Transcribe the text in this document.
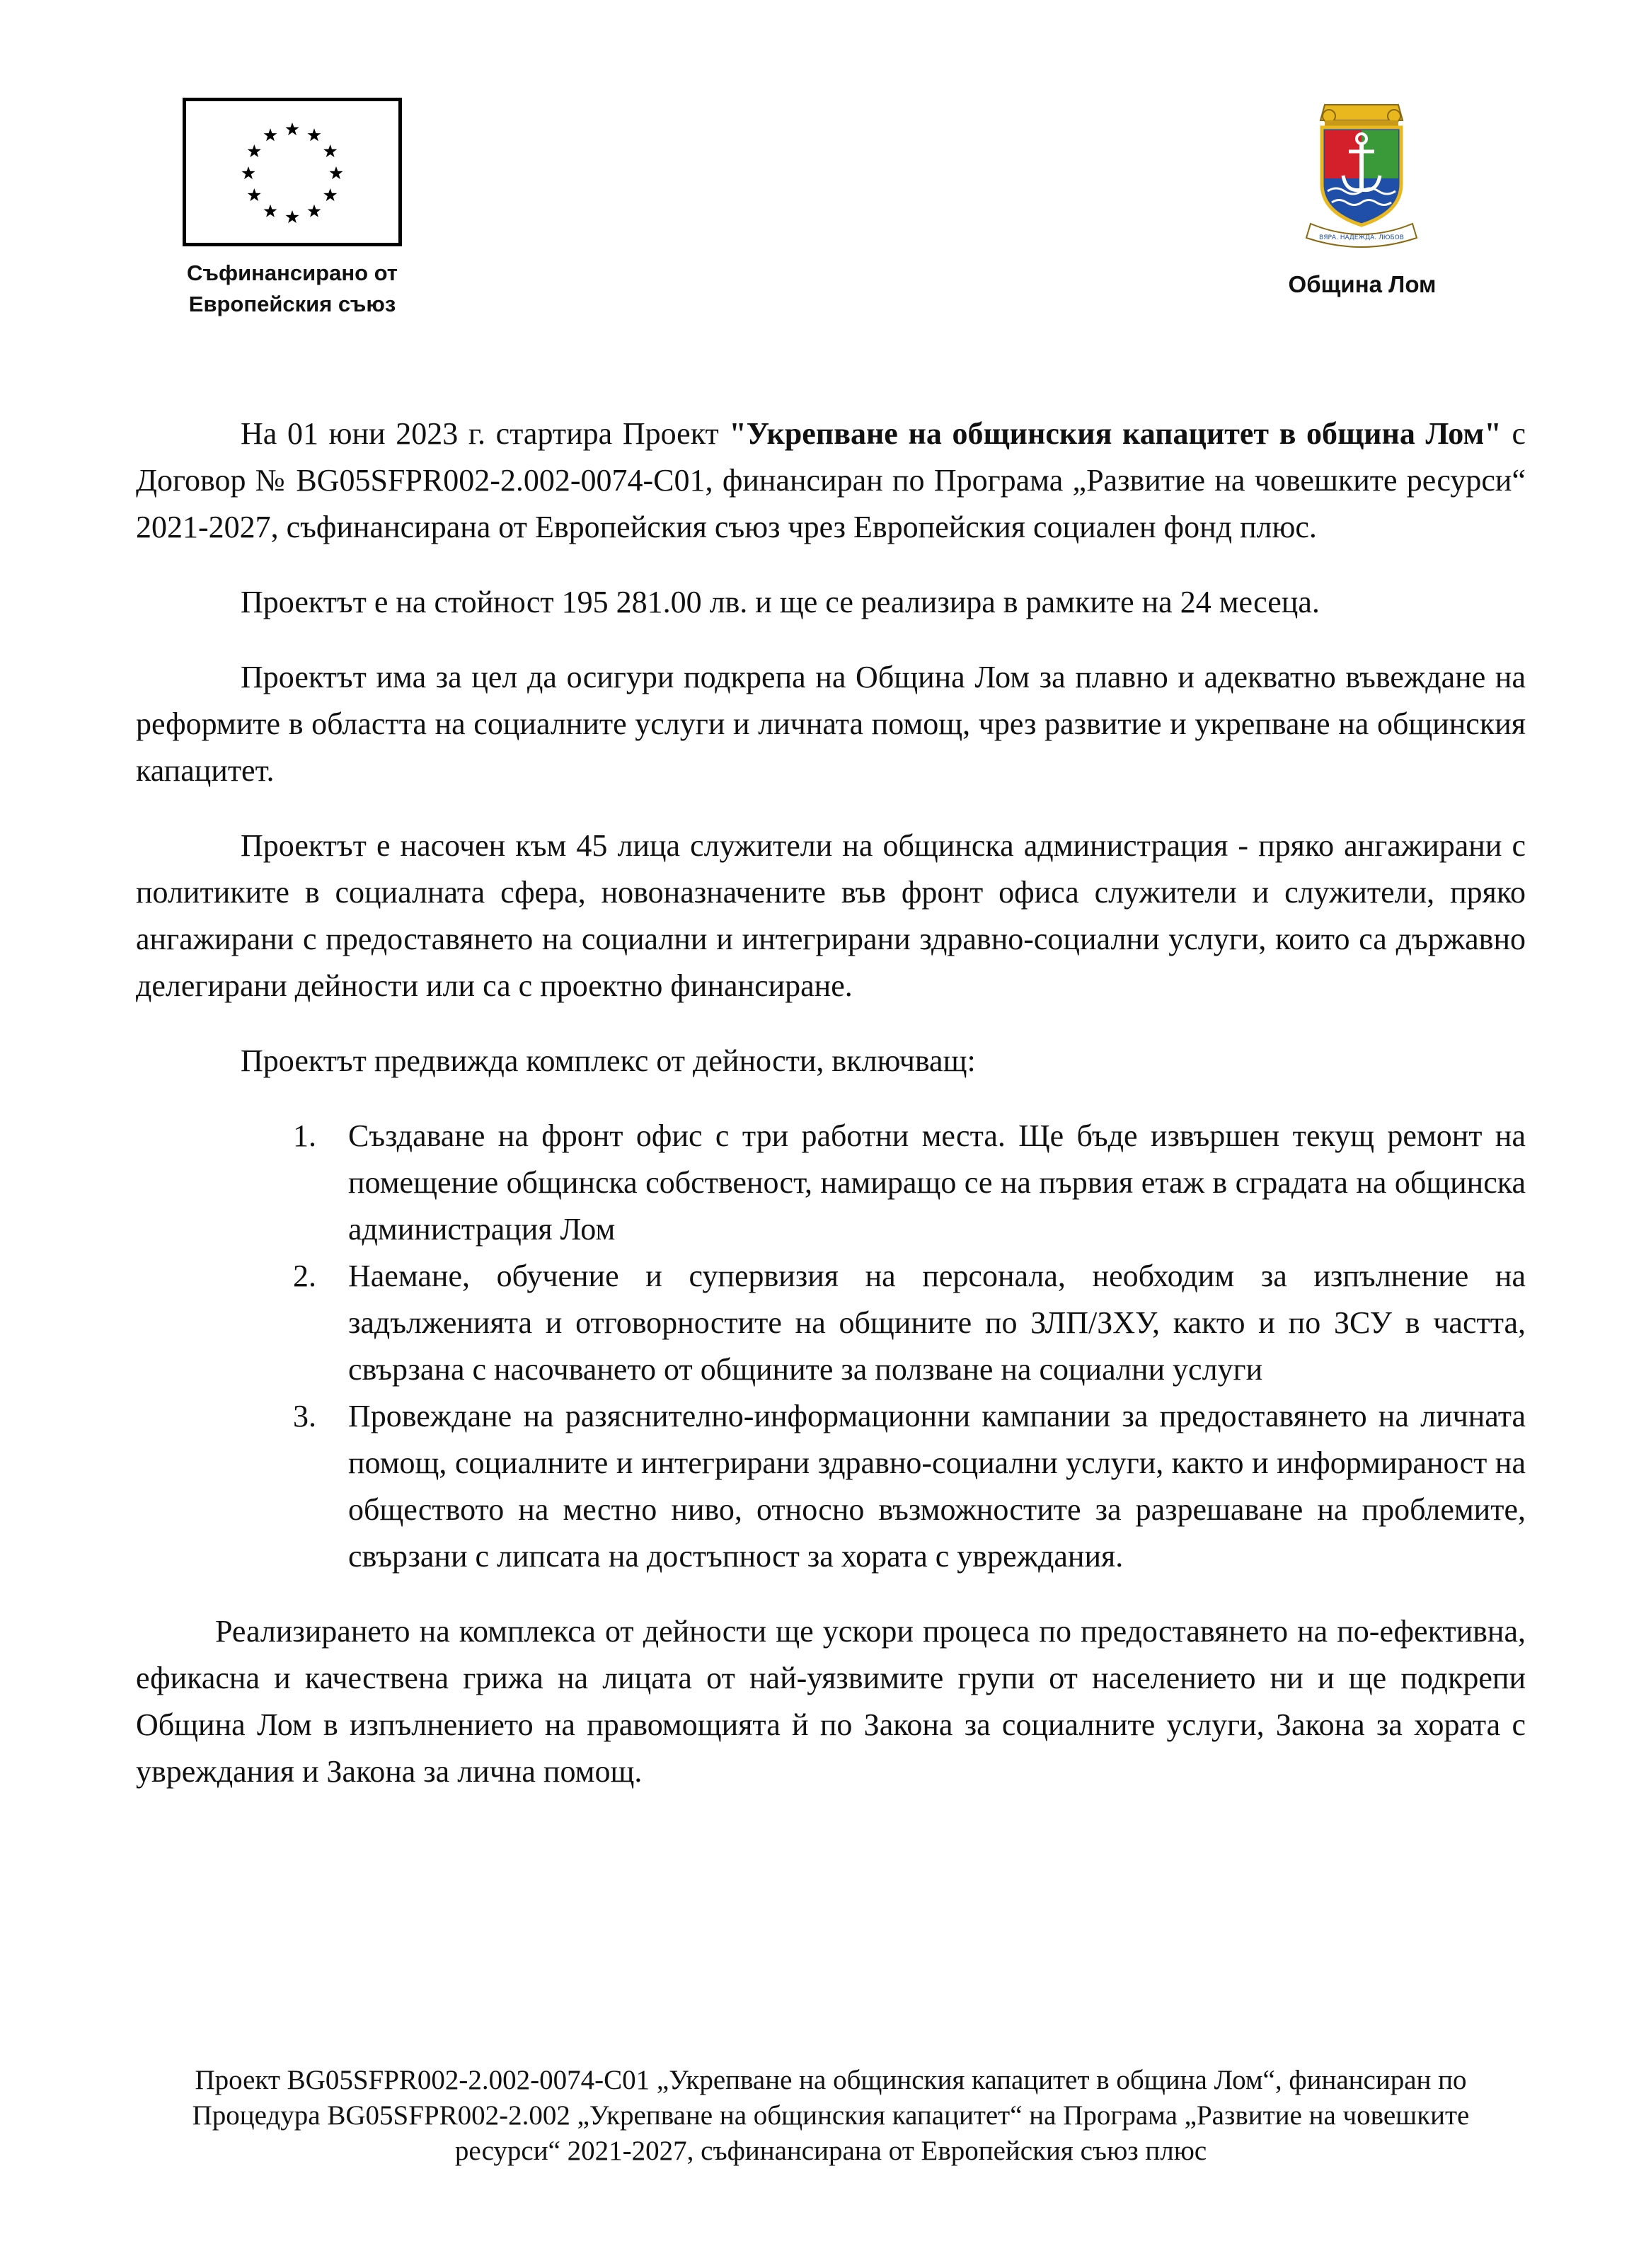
Съфинансирано от
Европейския съюз
ВЯРА. НАДЕЖДА. ЛЮБОВ
Община Лом

На 01 юни 2023 г. стартира Проект "Укрепване на общинския капацитет в община Лом" с Договор № BG05SFPR002-2.002-0074-C01, финансиран по Програма „Развитие на човешките ресурси“ 2021-2027, съфинансирана от Европейския съюз чрез Европейския социален фонд плюс.

Проектът е на стойност 195 281.00 лв. и ще се реализира в рамките на 24 месеца.

Проектът има за цел да осигури подкрепа на Община Лом за плавно и адекватно въвеждане на реформите в областта на социалните услуги и личната помощ, чрез развитие и укрепване на общинския капацитет.

Проектът е насочен към 45 лица служители на общинска администрация - пряко ангажирани с политиките в социалната сфера, новоназначените във фронт офиса служители и служители, пряко ангажирани с предоставянето на социални и интегрирани здравно-социални услуги, които са държавно делегирани дейности или са с проектно финансиране.

Проектът предвижда комплекс от дейности, включващ:

1. Създаване на фронт офис с три работни места. Ще бъде извършен текущ ремонт на помещение общинска собственост, намиращо се на първия етаж в сградата на общинска администрация Лом
2. Наемане, обучение и супервизия на персонала, необходим за изпълнение на задълженията и отговорностите на общините по ЗЛП/ЗХУ, както и по ЗСУ в частта, свързана с насочването от общините за ползване на социални услуги
3. Провеждане на разяснително-информационни кампании за предоставянето на личната помощ, социалните и интегрирани здравно-социални услуги, както и информираност на обществото на местно ниво, относно възможностите за разрешаване на проблемите, свързани с липсата на достъпност за хората с увреждания.

Реализирането на комплекса от дейности ще ускори процеса по предоставянето на по-ефективна, ефикасна и качествена грижа на лицата от най-уязвимите групи от населението ни и ще подкрепи Община Лом в изпълнението на правомощията й по Закона за социалните услуги, Закона за хората с увреждания и Закона за лична помощ.

Проект BG05SFPR002-2.002-0074-C01 „Укрепване на общинския капацитет в община Лом“, финансиран по
Процедура BG05SFPR002-2.002 „Укрепване на общинския капацитет“ на Програма „Развитие на човешките
ресурси“ 2021-2027, съфинансирана от Европейския съюз плюс
